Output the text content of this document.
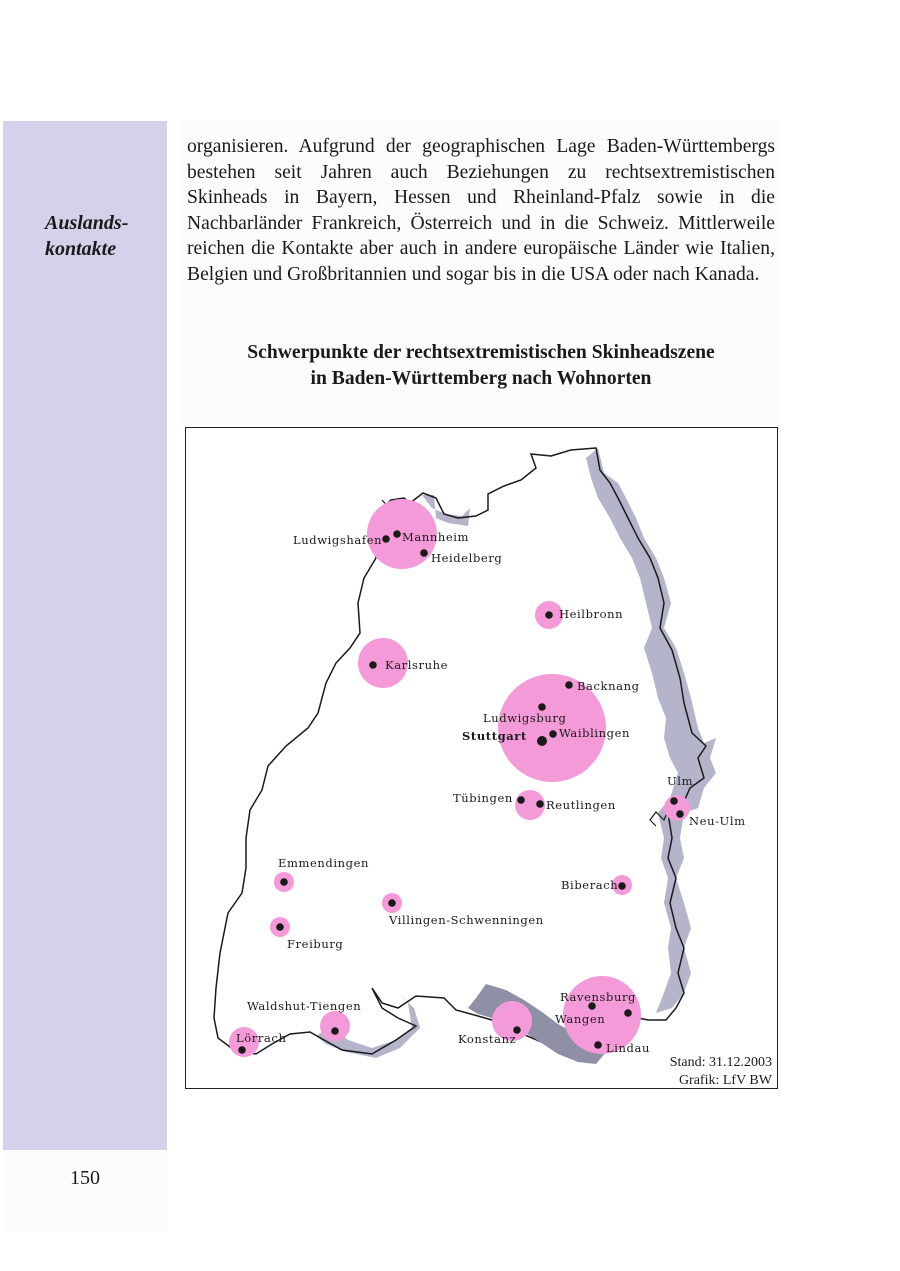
Auslands-
kontakte
150
organisieren. Aufgrund der geographischen Lage Baden-Württembergs bestehen seit Jahren auch Beziehungen zu rechtsextremistischen Skinheads in Bayern, Hessen und Rheinland-Pfalz sowie in die Nachbarländer Frankreich, Österreich und in die Schweiz. Mittlerweile reichen die Kontakte aber auch in andere europäische Länder wie Italien, Belgien und Großbritannien und sogar bis in die USA oder nach Kanada.
Schwerpunkte der rechtsextremistischen Skinheadszene
in Baden-Württemberg nach Wohnorten
Ludwigshafen Mannheim
Heidelberg
Heilbronn
Karlsruhe
Backnang
Ludwigsburg
Stuttgart	Waiblingen
Tübingen	Reutlingen
Ulm
Neu-Ulm
Emmendingen
Biberach
Villingen-Schwenningen
Freiburg
Waldshut-Tiengen
Ravensburg
Wangen
Lörrach	Konstanz
Lindau
Stand: 31.12.2003
Grafik: LfV BW
